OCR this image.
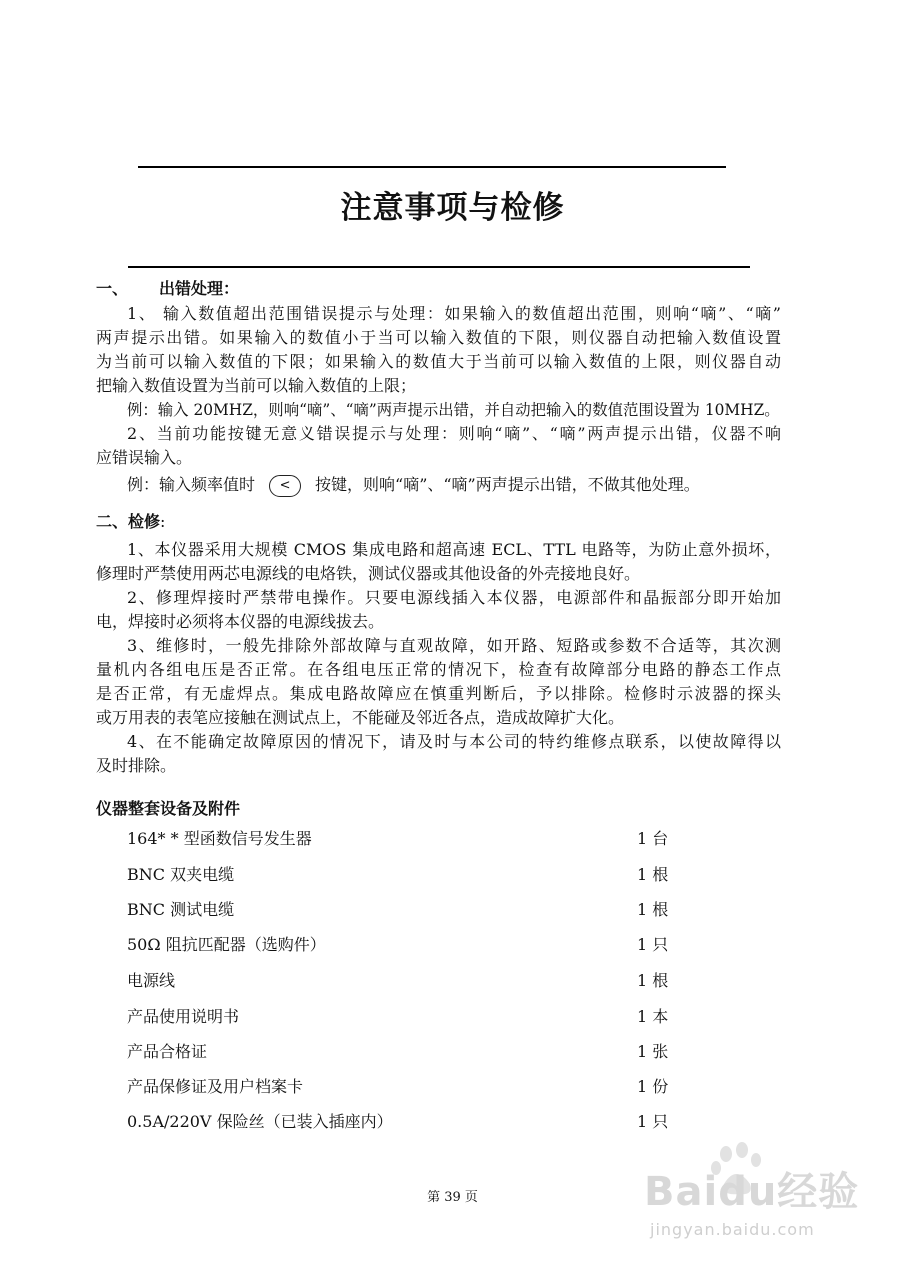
注意事项与检修
一、 出错处理：
1、 输入数值超出范围错误提示与处理：如果输入的数值超出范围，则响“嘀”、“嘀”
两声提示出错。如果输入的数值小于当可以输入数值的下限，则仪器自动把输入数值设置
为当前可以输入数值的下限；如果输入的数值大于当前可以输入数值的上限，则仪器自动
把输入数值设置为当前可以输入数值的上限；
例：输入 20MHZ，则响“嘀”、“嘀”两声提示出错，并自动把输入的数值范围设置为 10MHZ。
2、当前功能按键无意义错误提示与处理：则响“嘀”、“嘀”两声提示出错，仪器不响
应错误输入。
例：输入频率值时 < 按键，则响“嘀”、“嘀”两声提示出错，不做其他处理。
二、检修:
1、本仪器采用大规模 CMOS 集成电路和超高速 ECL、TTL 电路等，为防止意外损坏，
修理时严禁使用两芯电源线的电烙铁，测试仪器或其他设备的外壳接地良好。
2、修理焊接时严禁带电操作。只要电源线插入本仪器，电源部件和晶振部分即开始加
电，焊接时必须将本仪器的电源线拔去。
3、维修时，一般先排除外部故障与直观故障，如开路、短路或参数不合适等，其次测
量机内各组电压是否正常。在各组电压正常的情况下，检查有故障部分电路的静态工作点
是否正常，有无虚焊点。集成电路故障应在慎重判断后，予以排除。检修时示波器的探头
或万用表的表笔应接触在测试点上，不能碰及邻近各点，造成故障扩大化。
4、在不能确定故障原因的情况下，请及时与本公司的特约维修点联系，以使故障得以
及时排除。
仪器整套设备及附件
164* * 型函数信号发生器	1 台
BNC 双夹电缆	1 根
BNC 测试电缆	1 根
50Ω 阻抗匹配器（选购件）	1 只
电源线	1 根
产品使用说明书	1 本
产品合格证	1 张
产品保修证及用户档案卡	1 份
0.5A/220V 保险丝（已装入插座内）	1 只
第 39 页	Baidu经验
jingyan.baidu.com
